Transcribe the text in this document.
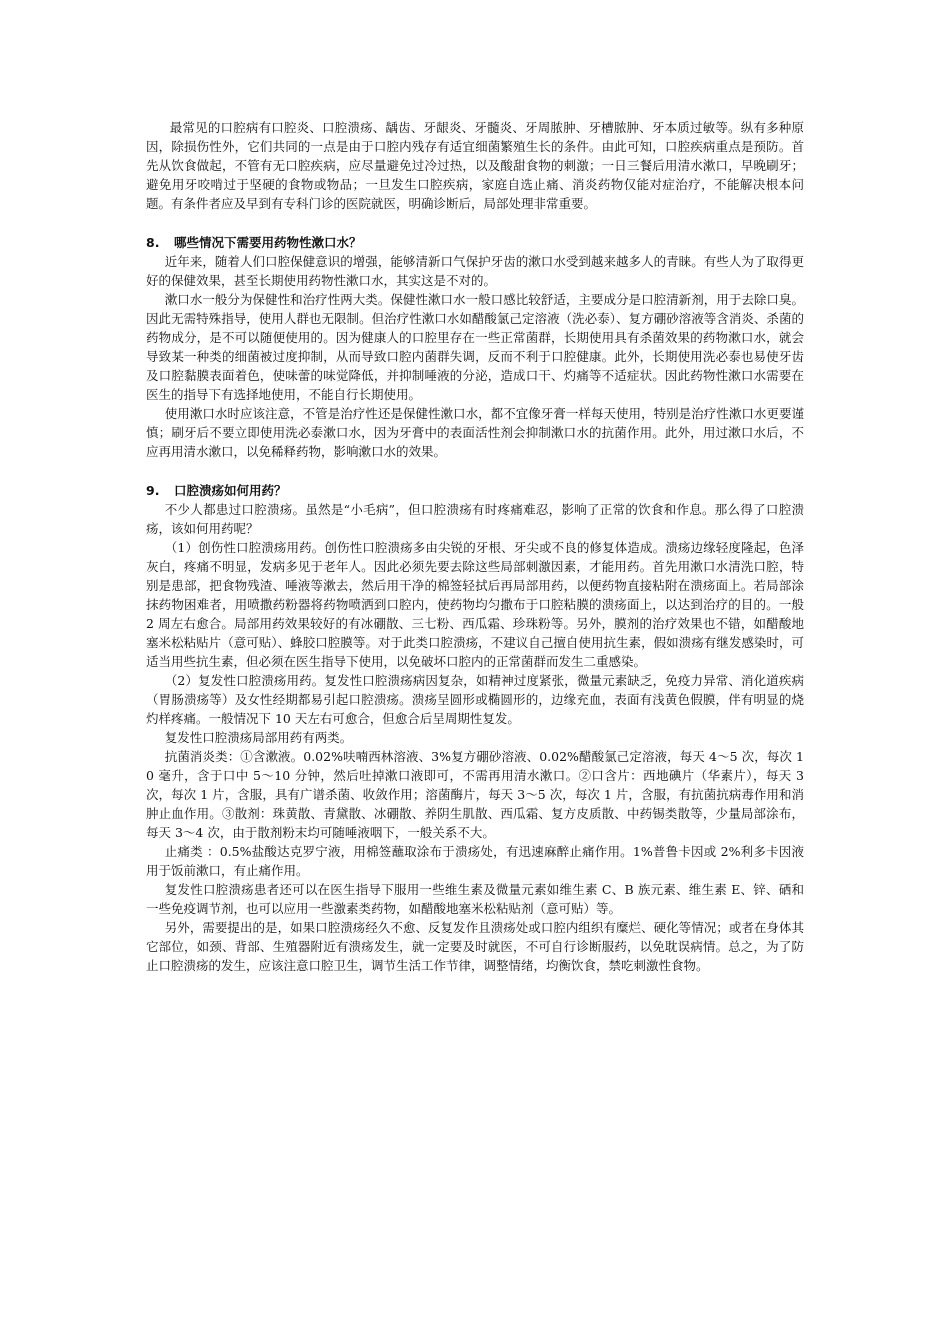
最常见的口腔病有口腔炎、口腔溃疡、龋齿、牙龈炎、牙髓炎、牙周脓肿、牙槽脓肿、牙本质过敏等。纵有多种原因，除损伤性外，它们共同的一点是由于口腔内残存有适宜细菌繁殖生长的条件。由此可知，口腔疾病重点是预防。首先从饮食做起，不管有无口腔疾病，应尽量避免过冷过热，以及酸甜食物的刺激；一日三餐后用清水漱口，早晚刷牙；避免用牙咬啃过于坚硬的食物或物品；一旦发生口腔疾病，家庭自选止痛、消炎药物仅能对症治疗，不能解决根本问题。有条件者应及早到有专科门诊的医院就医，明确诊断后，局部处理非常重要。

8. 哪些情况下需要用药物性漱口水？

近年来，随着人们口腔保健意识的增强，能够清新口气保护牙齿的漱口水受到越来越多人的青睐。有些人为了取得更好的保健效果，甚至长期使用药物性漱口水，其实这是不对的。

漱口水一般分为保健性和治疗性两大类。保健性漱口水一般口感比较舒适，主要成分是口腔清新剂，用于去除口臭。因此无需特殊指导，使用人群也无限制。但治疗性漱口水如醋酸氯己定溶液（洗必泰）、复方硼砂溶液等含消炎、杀菌的药物成分，是不可以随便使用的。因为健康人的口腔里存在一些正常菌群，长期使用具有杀菌效果的药物漱口水，就会导致某一种类的细菌被过度抑制，从而导致口腔内菌群失调，反而不利于口腔健康。此外，长期使用洗必泰也易使牙齿及口腔黏膜表面着色，使味蕾的味觉降低，并抑制唾液的分泌，造成口干、灼痛等不适症状。因此药物性漱口水需要在医生的指导下有选择地使用，不能自行长期使用。

使用漱口水时应该注意，不管是治疗性还是保健性漱口水，都不宜像牙膏一样每天使用，特别是治疗性漱口水更要谨慎；刷牙后不要立即使用洗必泰漱口水，因为牙膏中的表面活性剂会抑制漱口水的抗菌作用。此外，用过漱口水后，不应再用清水漱口，以免稀释药物，影响漱口水的效果。

9. 口腔溃疡如何用药？

不少人都患过口腔溃疡。虽然是“小毛病”，但口腔溃疡有时疼痛难忍，影响了正常的饮食和作息。那么得了口腔溃疡，该如何用药呢？

（1）创伤性口腔溃疡用药。创伤性口腔溃疡多由尖锐的牙根、牙尖或不良的修复体造成。溃疡边缘轻度隆起，色泽灰白，疼痛不明显，发病多见于老年人。因此必须先要去除这些局部刺激因素，才能用药。首先用漱口水清洗口腔，特别是患部，把食物残渣、唾液等漱去，然后用干净的棉签轻拭后再局部用药，以便药物直接粘附在溃疡面上。若局部涂抹药物困难者，用喷撒药粉器将药物喷洒到口腔内，使药物均匀撒布于口腔粘膜的溃疡面上，以达到治疗的目的。一般 2 周左右愈合。局部用药效果较好的有冰硼散、三七粉、西瓜霜、珍珠粉等。另外，膜剂的治疗效果也不错，如醋酸地塞米松粘贴片（意可贴）、蜂胶口腔膜等。对于此类口腔溃疡，不建议自己擅自使用抗生素，假如溃疡有继发感染时，可适当用些抗生素，但必须在医生指导下使用，以免破坏口腔内的正常菌群而发生二重感染。

（2）复发性口腔溃疡用药。复发性口腔溃疡病因复杂，如精神过度紧张，微量元素缺乏，免疫力异常、消化道疾病（胃肠溃疡等）及女性经期都易引起口腔溃疡。溃疡呈圆形或椭圆形的，边缘充血，表面有浅黄色假膜，伴有明显的烧灼样疼痛。一般情况下 10 天左右可愈合，但愈合后呈周期性复发。

复发性口腔溃疡局部用药有两类。

抗菌消炎类：①含漱液。0.02%呋喃西林溶液、3%复方硼砂溶液、0.02%醋酸氯己定溶液，每天 4～5 次，每次 10 毫升，含于口中 5～10 分钟，然后吐掉漱口液即可，不需再用清水漱口。②口含片：西地碘片（华素片），每天 3 次，每次 1 片，含服，具有广谱杀菌、收敛作用；溶菌酶片，每天 3～5 次，每次 1 片，含服，有抗菌抗病毒作用和消肿止血作用。③散剂：珠黄散、青黛散、冰硼散、养阴生肌散、西瓜霜、复方皮质散、中药锡类散等，少量局部涂布，每天 3～4 次，由于散剂粉末均可随唾液咽下，一般关系不大。

止痛类 ：0.5%盐酸达克罗宁液，用棉签蘸取涂布于溃疡处，有迅速麻醉止痛作用。1%普鲁卡因或 2%利多卡因液用于饭前漱口，有止痛作用。

复发性口腔溃疡患者还可以在医生指导下服用一些维生素及微量元素如维生素 C、B 族元素、维生素 E、锌、硒和一些免疫调节剂，也可以应用一些激素类药物，如醋酸地塞米松粘贴剂（意可贴）等。

另外，需要提出的是，如果口腔溃疡经久不愈、反复发作且溃疡处或口腔内组织有糜烂、硬化等情况；或者在身体其它部位，如颈、背部、生殖器附近有溃疡发生，就一定要及时就医，不可自行诊断服药，以免耽误病情。总之，为了防止口腔溃疡的发生，应该注意口腔卫生，调节生活工作节律，调整情绪，均衡饮食，禁吃刺激性食物。
